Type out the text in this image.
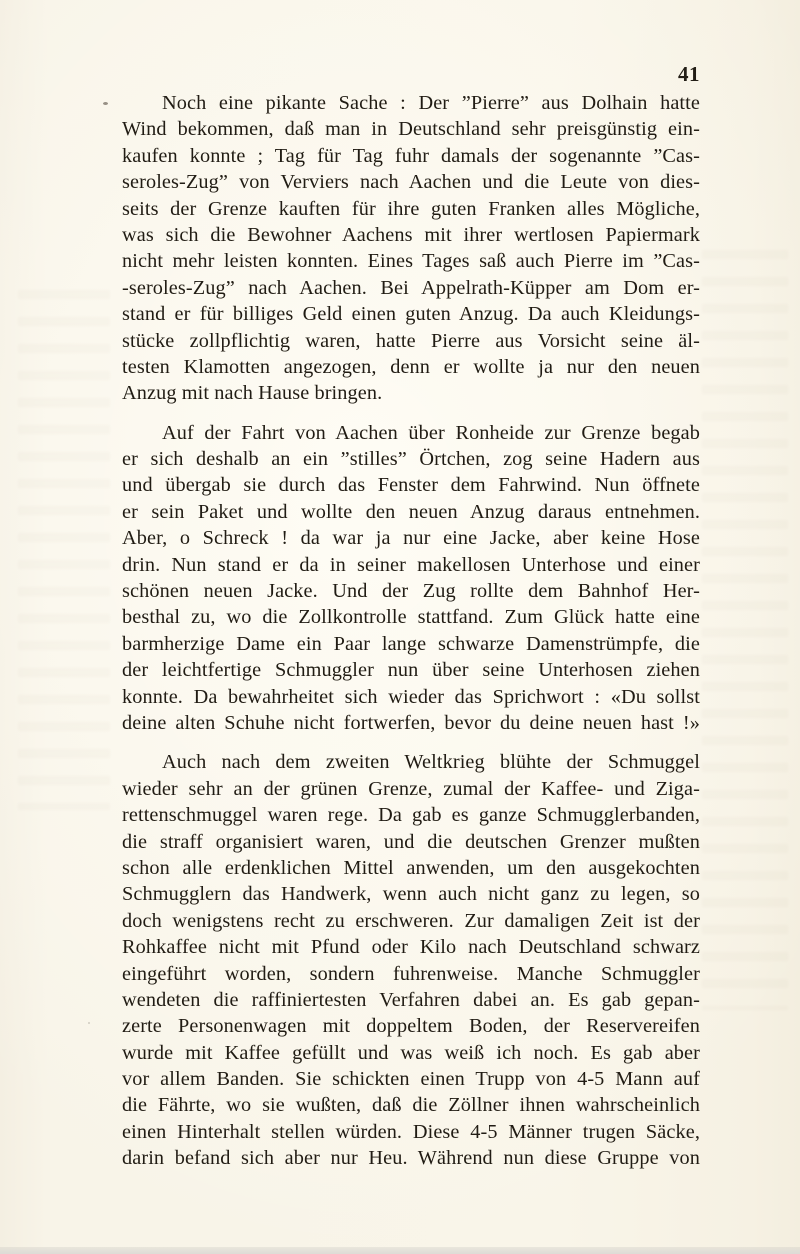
41
Noch eine pikante Sache : Der ”Pierre” aus Dolhain hatte
Wind bekommen, daß man in Deutschland sehr preisgünstig ein-
kaufen konnte ; Tag für Tag fuhr damals der sogenannte ”Cas-
seroles-Zug” von Verviers nach Aachen und die Leute von dies-
seits der Grenze kauften für ihre guten Franken alles Mögliche,
was sich die Bewohner Aachens mit ihrer wertlosen Papiermark
nicht mehr leisten konnten. Eines Tages saß auch Pierre im ”Cas-
-seroles-Zug” nach Aachen. Bei Appelrath-Küpper am Dom er-
stand er für billiges Geld einen guten Anzug. Da auch Kleidungs-
stücke zollpflichtig waren, hatte Pierre aus Vorsicht seine äl-
testen Klamotten angezogen, denn er wollte ja nur den neuen
Anzug mit nach Hause bringen.
Auf der Fahrt von Aachen über Ronheide zur Grenze begab
er sich deshalb an ein ”stilles” Örtchen, zog seine Hadern aus
und übergab sie durch das Fenster dem Fahrwind. Nun öffnete
er sein Paket und wollte den neuen Anzug daraus entnehmen.
Aber, o Schreck ! da war ja nur eine Jacke, aber keine Hose
drin. Nun stand er da in seiner makellosen Unterhose und einer
schönen neuen Jacke. Und der Zug rollte dem Bahnhof Her-
besthal zu, wo die Zollkontrolle stattfand. Zum Glück hatte eine
barmherzige Dame ein Paar lange schwarze Damenstrümpfe, die
der leichtfertige Schmuggler nun über seine Unterhosen ziehen
konnte. Da bewahrheitet sich wieder das Sprichwort : «Du sollst
deine alten Schuhe nicht fortwerfen, bevor du deine neuen hast !»
Auch nach dem zweiten Weltkrieg blühte der Schmuggel
wieder sehr an der grünen Grenze, zumal der Kaffee- und Ziga-
rettenschmuggel waren rege. Da gab es ganze Schmugglerbanden,
die straff organisiert waren, und die deutschen Grenzer mußten
schon alle erdenklichen Mittel anwenden, um den ausgekochten
Schmugglern das Handwerk, wenn auch nicht ganz zu legen, so
doch wenigstens recht zu erschweren. Zur damaligen Zeit ist der
Rohkaffee nicht mit Pfund oder Kilo nach Deutschland schwarz
eingeführt worden, sondern fuhrenweise. Manche Schmuggler
wendeten die raffiniertesten Verfahren dabei an. Es gab gepan-
zerte Personenwagen mit doppeltem Boden, der Reservereifen
wurde mit Kaffee gefüllt und was weiß ich noch. Es gab aber
vor allem Banden. Sie schickten einen Trupp von 4-5 Mann auf
die Fährte, wo sie wußten, daß die Zöllner ihnen wahrscheinlich
einen Hinterhalt stellen würden. Diese 4-5 Männer trugen Säcke,
darin befand sich aber nur Heu. Während nun diese Gruppe von
